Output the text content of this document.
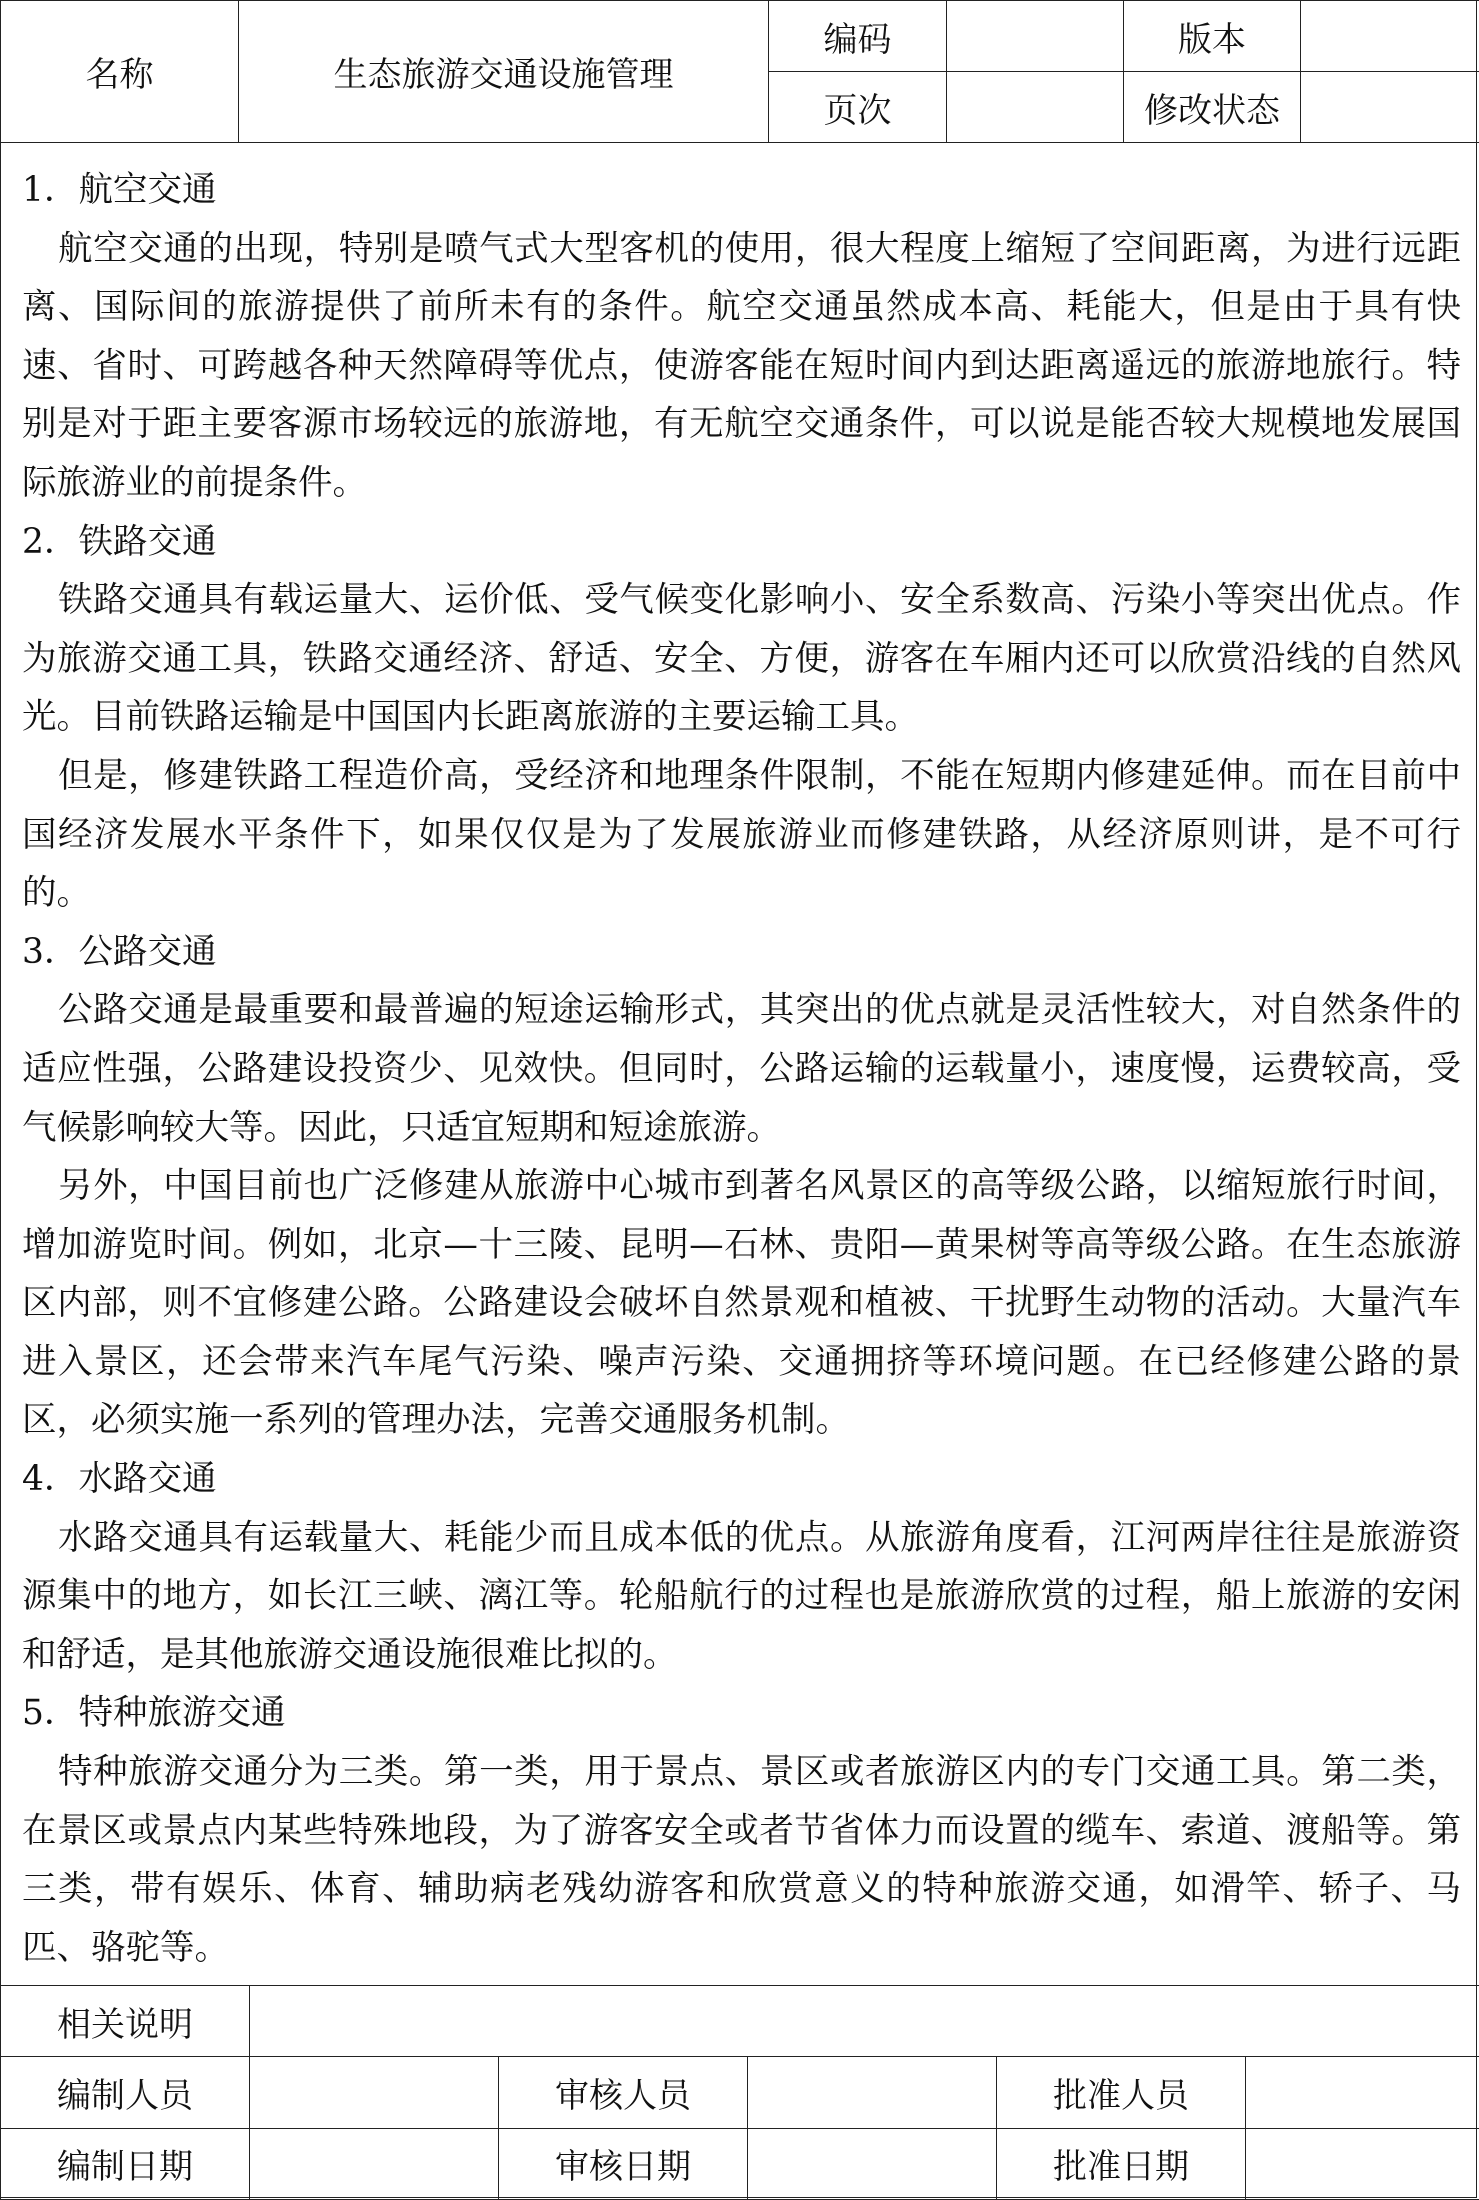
名称	生态旅游交通设施管理	编码		版本	
		页次		修改状态	
1．航空交通

航空交通的出现，特别是喷气式大型客机的使用，很大程度上缩短了空间距离，为进行远距离、国际间的旅游提供了前所未有的条件。航空交通虽然成本高、耗能大，但是由于具有快速、省时、可跨越各种天然障碍等优点，使游客能在短时间内到达距离遥远的旅游地旅行。特别是对于距主要客源市场较远的旅游地，有无航空交通条件，可以说是能否较大规模地发展国际旅游业的前提条件。

2．铁路交通

铁路交通具有载运量大、运价低、受气候变化影响小、安全系数高、污染小等突出优点。作为旅游交通工具，铁路交通经济、舒适、安全、方便，游客在车厢内还可以欣赏沿线的自然风光。目前铁路运输是中国国内长距离旅游的主要运输工具。

但是，修建铁路工程造价高，受经济和地理条件限制，不能在短期内修建延伸。而在目前中国经济发展水平条件下，如果仅仅是为了发展旅游业而修建铁路，从经济原则讲，是不可行的。

3．公路交通

公路交通是最重要和最普遍的短途运输形式，其突出的优点就是灵活性较大，对自然条件的适应性强，公路建设投资少、见效快。但同时，公路运输的运载量小，速度慢，运费较高，受气候影响较大等。因此，只适宜短期和短途旅游。

另外，中国目前也广泛修建从旅游中心城市到著名风景区的高等级公路，以缩短旅行时间，增加游览时间。例如，北京—十三陵、昆明—石林、贵阳—黄果树等高等级公路。在生态旅游区内部，则不宜修建公路。公路建设会破坏自然景观和植被、干扰野生动物的活动。大量汽车进入景区，还会带来汽车尾气污染、噪声污染、交通拥挤等环境问题。在已经修建公路的景区，必须实施一系列的管理办法，完善交通服务机制。

4．水路交通

水路交通具有运载量大、耗能少而且成本低的优点。从旅游角度看，江河两岸往往是旅游资源集中的地方，如长江三峡、漓江等。轮船航行的过程也是旅游欣赏的过程，船上旅游的安闲和舒适，是其他旅游交通设施很难比拟的。

5．特种旅游交通

特种旅游交通分为三类。第一类，用于景点、景区或者旅游区内的专门交通工具。第二类，在景区或景点内某些特殊地段，为了游客安全或者节省体力而设置的缆车、索道、渡船等。第三类，带有娱乐、体育、辅助病老残幼游客和欣赏意义的特种旅游交通，如滑竿、轿子、马匹、骆驼等。

相关说明					
编制人员		审核人员		批准人员	
编制日期		审核日期		批准日期	
